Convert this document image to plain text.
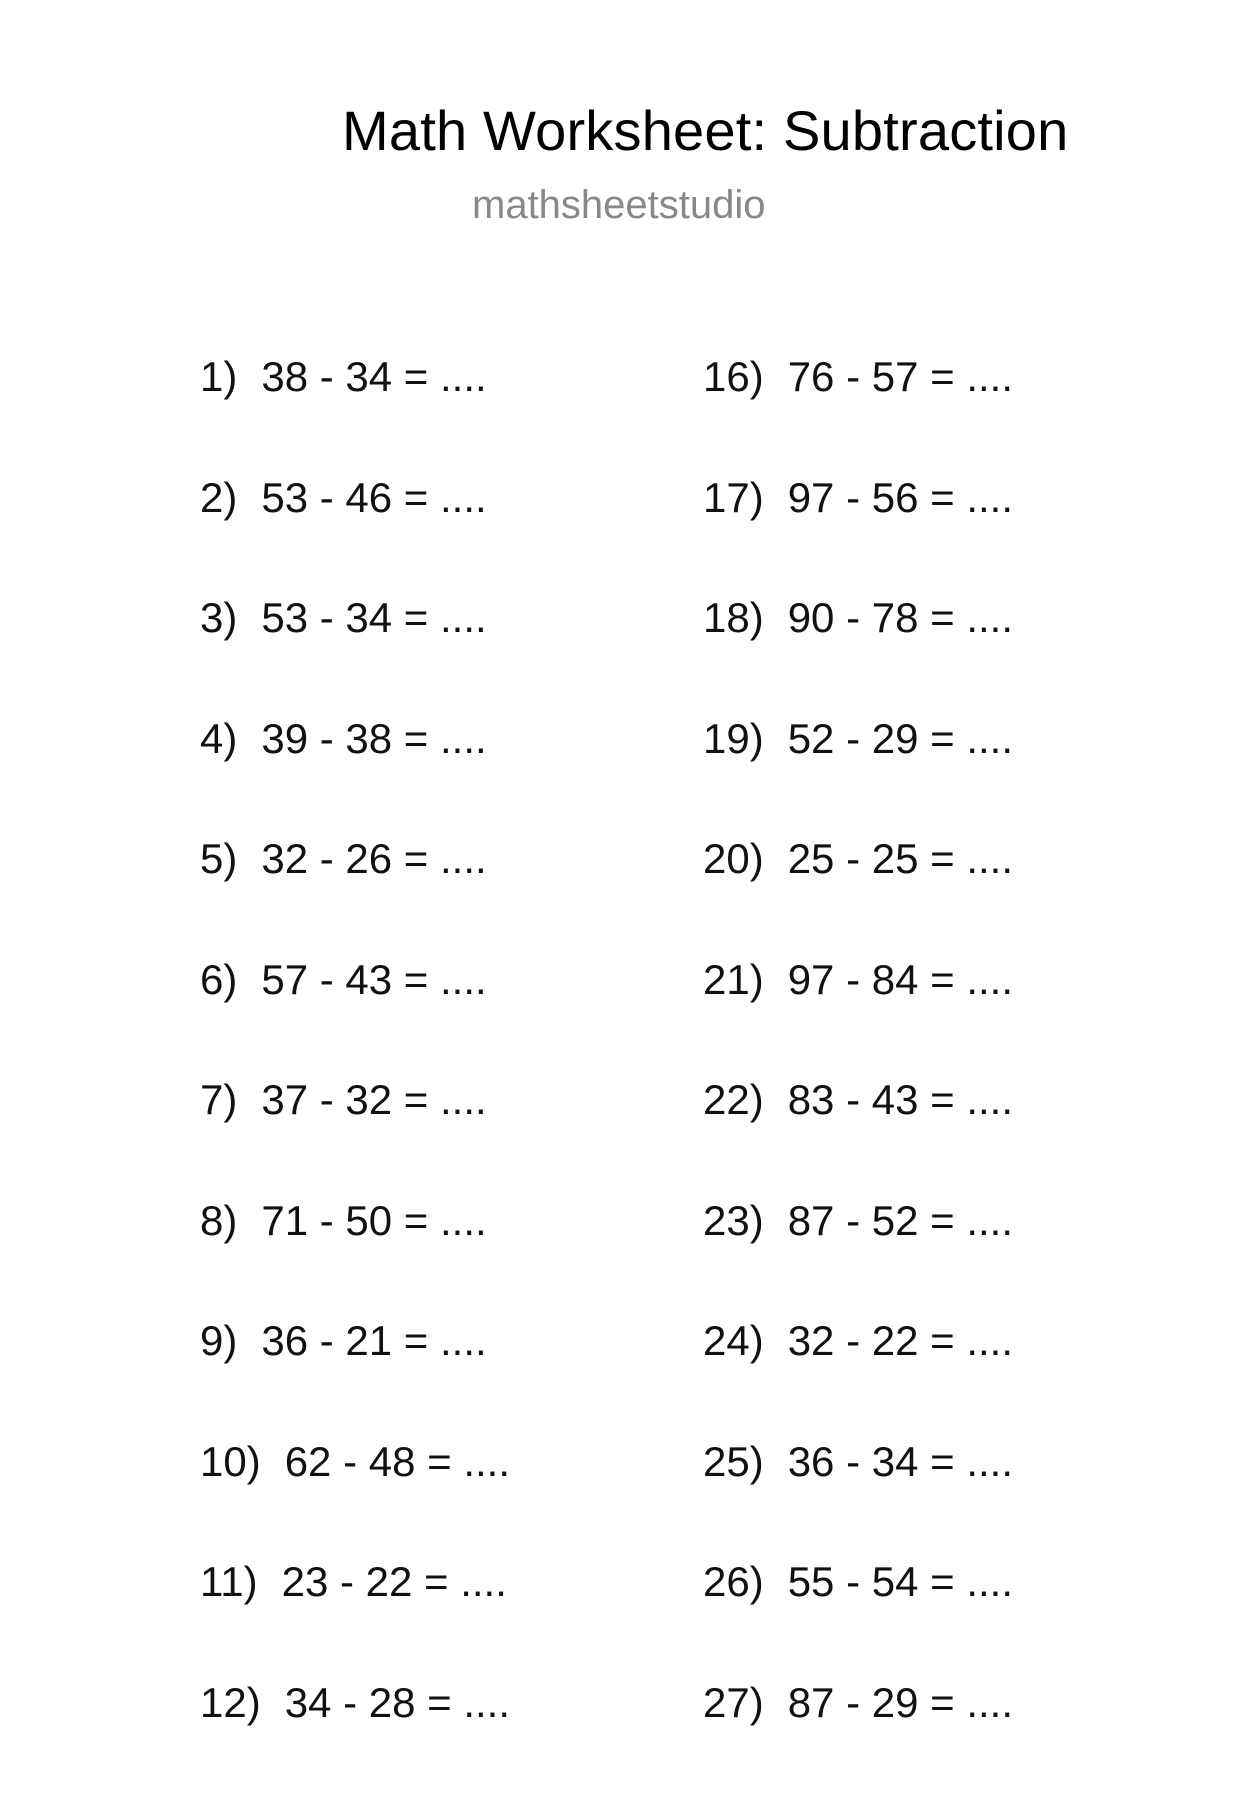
Math Worksheet: Subtraction
mathsheetstudio
1) 38 - 34 = ....
2) 53 - 46 = ....
3) 53 - 34 = ....
4) 39 - 38 = ....
5) 32 - 26 = ....
6) 57 - 43 = ....
7) 37 - 32 = ....
8) 71 - 50 = ....
9) 36 - 21 = ....
10) 62 - 48 = ....
11) 23 - 22 = ....
12) 34 - 28 = ....
16) 76 - 57 = ....
17) 97 - 56 = ....
18) 90 - 78 = ....
19) 52 - 29 = ....
20) 25 - 25 = ....
21) 97 - 84 = ....
22) 83 - 43 = ....
23) 87 - 52 = ....
24) 32 - 22 = ....
25) 36 - 34 = ....
26) 55 - 54 = ....
27) 87 - 29 = ....
